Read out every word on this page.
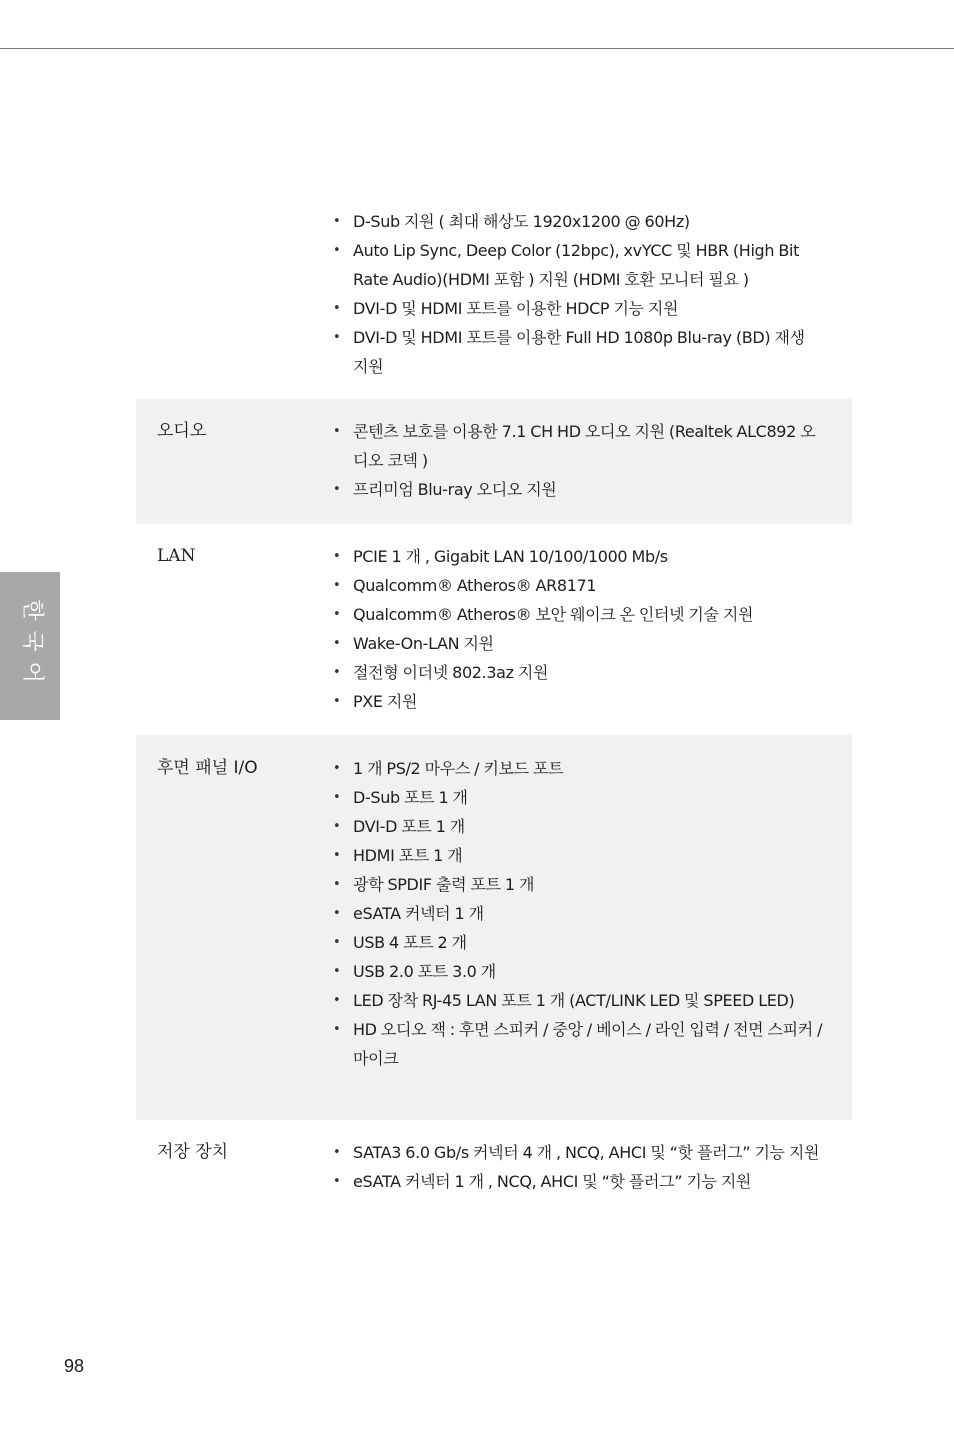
• D-Sub 지원 ( 최대 해상도 1920x1200 @ 60Hz)
• Auto Lip Sync, Deep Color (12bpc), xvYCC 및 HBR (High Bit Rate Audio)(HDMI 포함 ) 지원 (HDMI 호환 모니터 필요 )
• DVI-D 및 HDMI 포트를 이용한 HDCP 기능 지원
• DVI-D 및 HDMI 포트를 이용한 Full HD 1080p Blu-ray (BD) 재생 지원
오디오	• 콘텐츠 보호를 이용한 7.1 CH HD 오디오 지원 (Realtek ALC892 오디오 코덱 )
• 프리미엄 Blu-ray 오디오 지원
LAN	• PCIE 1 개 , Gigabit LAN 10/100/1000 Mb/s
• Qualcomm® Atheros® AR8171
• Qualcomm® Atheros® 보안 웨이크 온 인터넷 기술 지원
• Wake-On-LAN 지원
• 절전형 이더넷 802.3az 지원
• PXE 지원
후면 패널 I/O	• 1 개 PS/2 마우스 / 키보드 포트
• D-Sub 포트 1 개
• DVI-D 포트 1 개
• HDMI 포트 1 개
• 광학 SPDIF 출력 포트 1 개
• eSATA 커넥터 1 개
• USB 4 포트 2 개
• USB 2.0 포트 3.0 개
• LED 장착 RJ-45 LAN 포트 1 개 (ACT/LINK LED 및 SPEED LED)
• HD 오디오 잭 : 후면 스피커 / 중앙 / 베이스 / 라인 입력 / 전면 스피커 / 마이크
저장 장치	• SATA3 6.0 Gb/s 커넥터 4 개 , NCQ, AHCI 및 “핫 플러그” 기능 지원
• eSATA 커넥터 1 개 , NCQ, AHCI 및 “핫 플러그” 기능 지원
한국어
98
